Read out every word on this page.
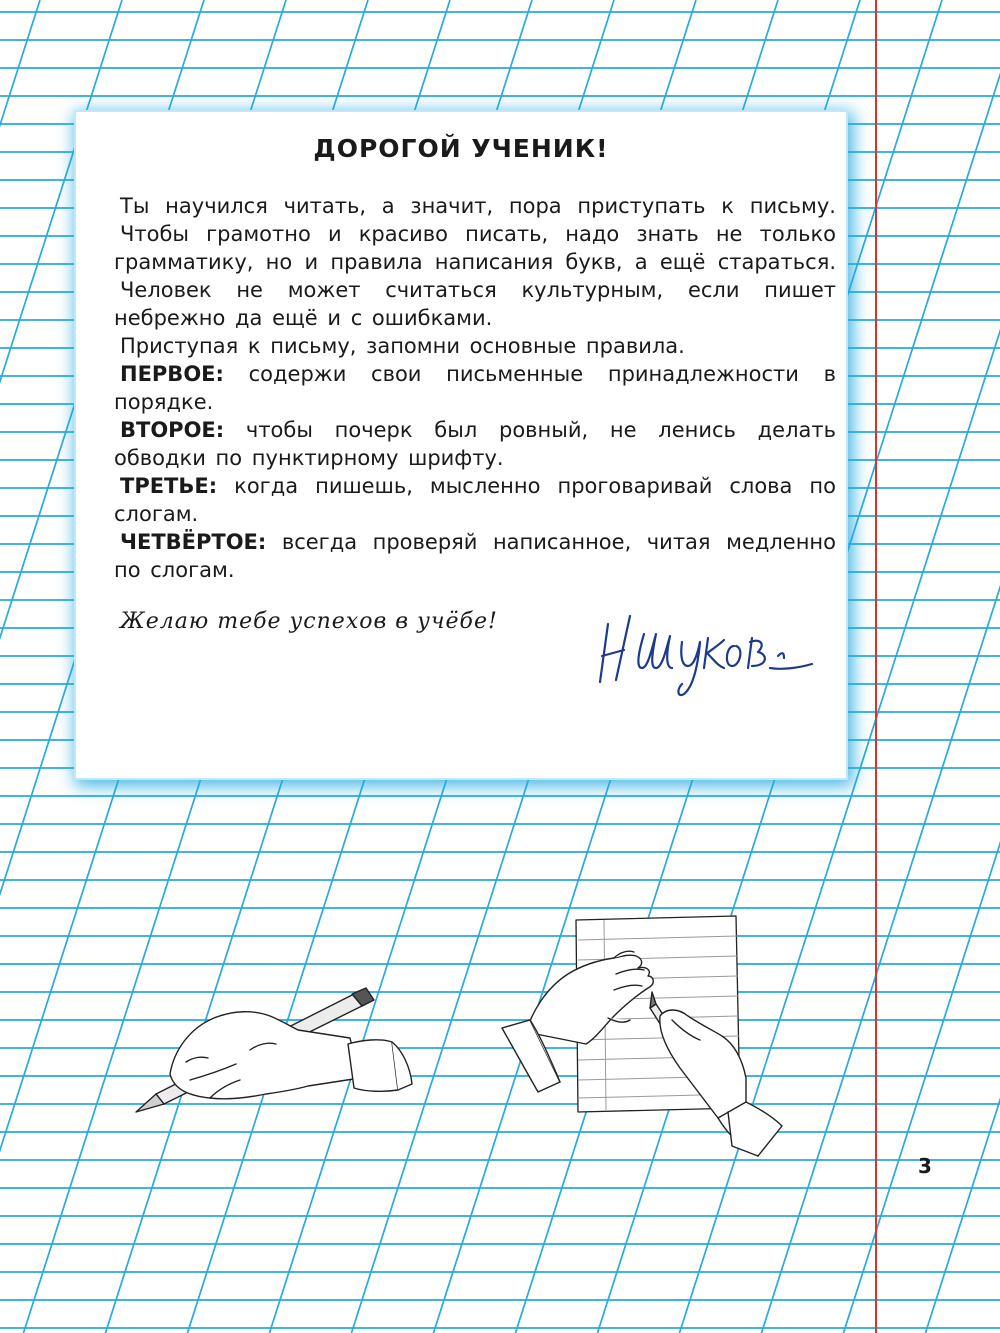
ДОРОГОЙ УЧЕНИК!

Ты научился читать, а значит, пора приступать к письму.

Чтобы грамотно и красиво писать, надо знать не только грамматику, но и правила написания букв, а ещё стараться.

Человек не может считаться культурным, если пишет небрежно да ещё и с ошибками.

Приступая к письму, запомни основные правила.

ПЕРВОЕ: содержи свои письменные принадлежности в порядке.

ВТОРОЕ: чтобы почерк был ровный, не ленись делать обводки по пунктирному шрифту.

ТРЕТЬЕ: когда пишешь, мысленно проговаривай слова по слогам.

ЧЕТВЁРТОЕ: всегда проверяй написанное, читая медленно по слогам.

Желаю тебе успехов в учёбе!
3
